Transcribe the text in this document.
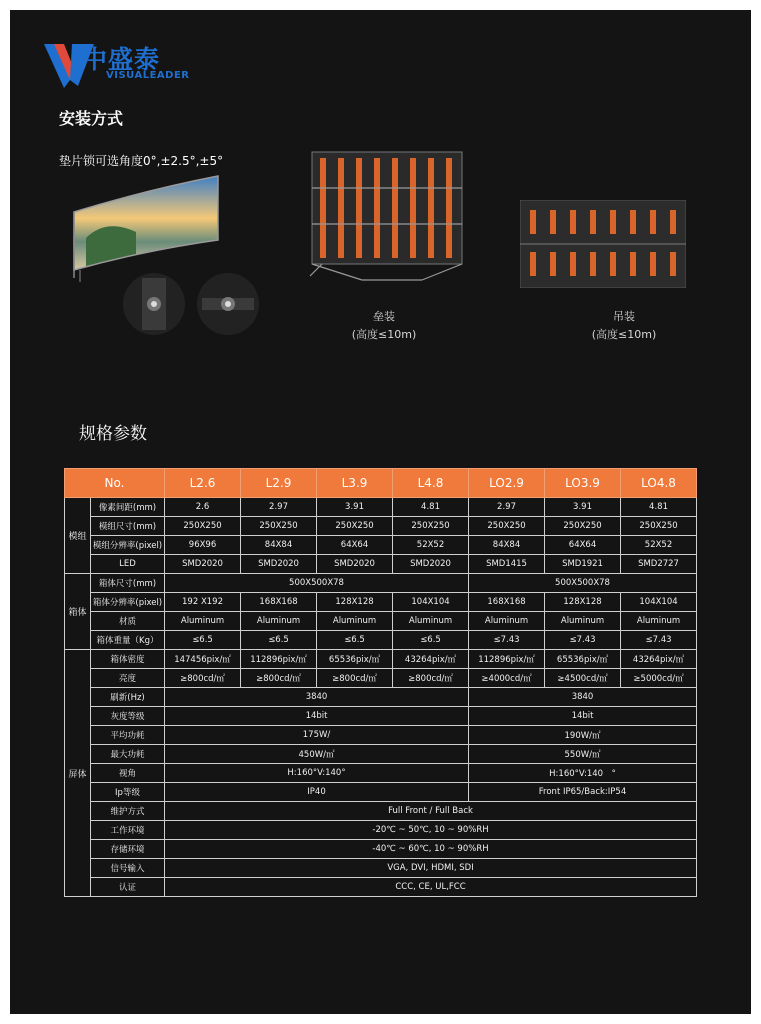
中盛泰
VISUALEADER
安装方式
垫片锁可选角度0°,±2.5°,±5°
垒装
(高度≤10m)
吊装
(高度≤10m)
规格参数
No.		L2.6	L2.9	L3.9	L4.8	LO2.9	LO3.9	LO4.8
模组	像素间距(mm)	2.6	2.97	3.91	4.81	2.97	3.91	4.81
	模组尺寸(mm)	250X250	250X250	250X250	250X250	250X250	250X250	250X250
	模组分辨率(pixel)	96X96	84X84	64X64	52X52	84X84	64X64	52X52
	LED	SMD2020	SMD2020	SMD2020	SMD2020	SMD1415	SMD1921	SMD2727
箱体	箱体尺寸(mm)	500X500X78				500X500X78		
	箱体分辨率(pixel)	192 X192	168X168	128X128	104X104	168X168	128X128	104X104
	材质	Aluminum	Aluminum	Aluminum	Aluminum	Aluminum	Aluminum	Aluminum
	箱体重量（Kg）	≤6.5	≤6.5	≤6.5	≤6.5	≤7.43	≤7.43	≤7.43
屏体	箱体密度	147456pix/㎡	112896pix/㎡	65536pix/㎡	43264pix/㎡	112896pix/㎡	65536pix/㎡	43264pix/㎡
	亮度	≥800cd/㎡	≥800cd/㎡	≥800cd/㎡	≥800cd/㎡	≥4000cd/㎡	≥4500cd/㎡	≥5000cd/㎡
	刷新(Hz)	3840				3840		
	灰度等级	14bit				14bit		
	平均功耗	175W/				190W/㎡		
	最大功耗	450W/㎡				550W/㎡		
	视角	H:160°V:140°				H:160°V:140　°		
	Ip等级	IP40				Front IP65/Back:IP54		
	维护方式	Full Front / Full Back						
	工作环境	-20℃ ~ 50℃, 10 ~ 90%RH						
	存储环境	-40℃ ~ 60℃, 10 ~ 90%RH						
	信号输入	VGA, DVI, HDMI, SDI						
	认证	CCC, CE, UL,FCC						
